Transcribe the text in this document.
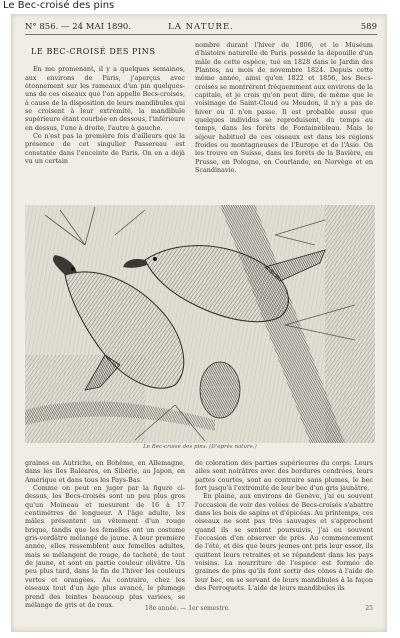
Le Bec-croisé des pins
N° 856. — 24 MAI 1890.	LA NATURE.	589

LE BEC-CROISÉ DES PINS

En me promenant, il y a quelques semaines, aux environs de Paris, j'aperçus avec étonnement sur les rameaux d'un pin quelques-uns de ces oiseaux que l'on appelle Becs-croisés, à cause de la disposition de leurs mandibules qui se croisent à leur extrémité, la mandibule supérieure étant courbée en dessous, l'inférieure en dessus, l'une à droite, l'autre à gauche.

Ce n'est pas la première fois d'ailleurs que la présence de cet singulier Passereau est constatée dans l'enceinte de Paris. On en a déjà vu un certain

nombre durant l'hiver de 1806, et le Muséum d'histoire naturelle de Paris possède la dépouille d'un mâle de cette espèce, tué en 1828 dans le Jardin des Plantes, au mois de novembre 1824. Depuis cette même année, ainsi qu'en 1822 et 1856, les Becs-croisés se montrèrent fréquemment aux environs de la capitale, et je crois qu'on peut dire, de même que le voisinage de Saint-Cloud ou Meudon, il n'y a pas de hiver où il n'en passe. Il est probable aussi que quelques individus se reproduisent, du temps au temps, dans les forêts de Fontainebleau. Mais le séjour habituel de ces oiseaux est dans les régions froides ou montagneuses de l'Europe et de l'Asie. On les trouve en Suisse, dans les forêts de la Bavière, en Prusse, en Pologne, en Courlande, en Norvège et en Scandinavie.

Le Bec-croisé des pins. (D'après nature.)

graines en Autriche, en Bohême, en Allemagne, dans les îles Baléares, en Sibérie, au Japon, en Amérique et dans tous les Pays-Bas.

Comme on peut en juger par la figure ci-dessus, les Becs-croisés sont un peu plus gros qu'un Moineau et mesurent de 16 à 17 centimètres de longueur. A l'âge adulte, les mâles présentent un vêtement d'un rouge brique, tandis que les femelles ont un costume gris-verdâtre mélangé de jaune. A leur première année, elles ressemblent aux femelles adultes, mais se mélangent de rouge, de tacheté, de tout de jaune, et sont en partie couleur olivâtre. Un peu plus tard, dans la fin de l'hiver les couleurs vertes et orangées. Au contraire, chez les oiseaux tout d'un âge plus avancé, le plumage prend des teintes beaucoup plus variées, se mélange de gris et de roux.

de coloration des parties supérieures du corps. Leurs ailes sont noirâtres avec des bordures cendrées, leurs pattes courtes, sont au contraire sans plumes, le bec fort jusqu'à l'extrémité de leur bec d'un gris jaunâtre.

En plaine, aux environs de Genève, j'ai eu souvent l'occasion de voir des volées de Becs-croisés s'abattre dans les bois de sapins et d'épicéas. Au printemps, ces oiseaux ne sont pas très sauvages et s'approchent quand ils se sentent poursuivis, j'ai eu souvent l'occasion d'en observer de près. Au commencement de l'été, et dès que leurs jeunes ont pris leur essor, ils quittent leurs retraites et se répandent dans les pays voisins. La nourriture de l'espèce est formée de graines de pins qu'ils font sortir des cônes à l'aide de leur bec, en se servant de leurs mandibules à la façon des Perroquets. L'aide de leurs mandibules ils

18e année. — 1er semestre.	25
